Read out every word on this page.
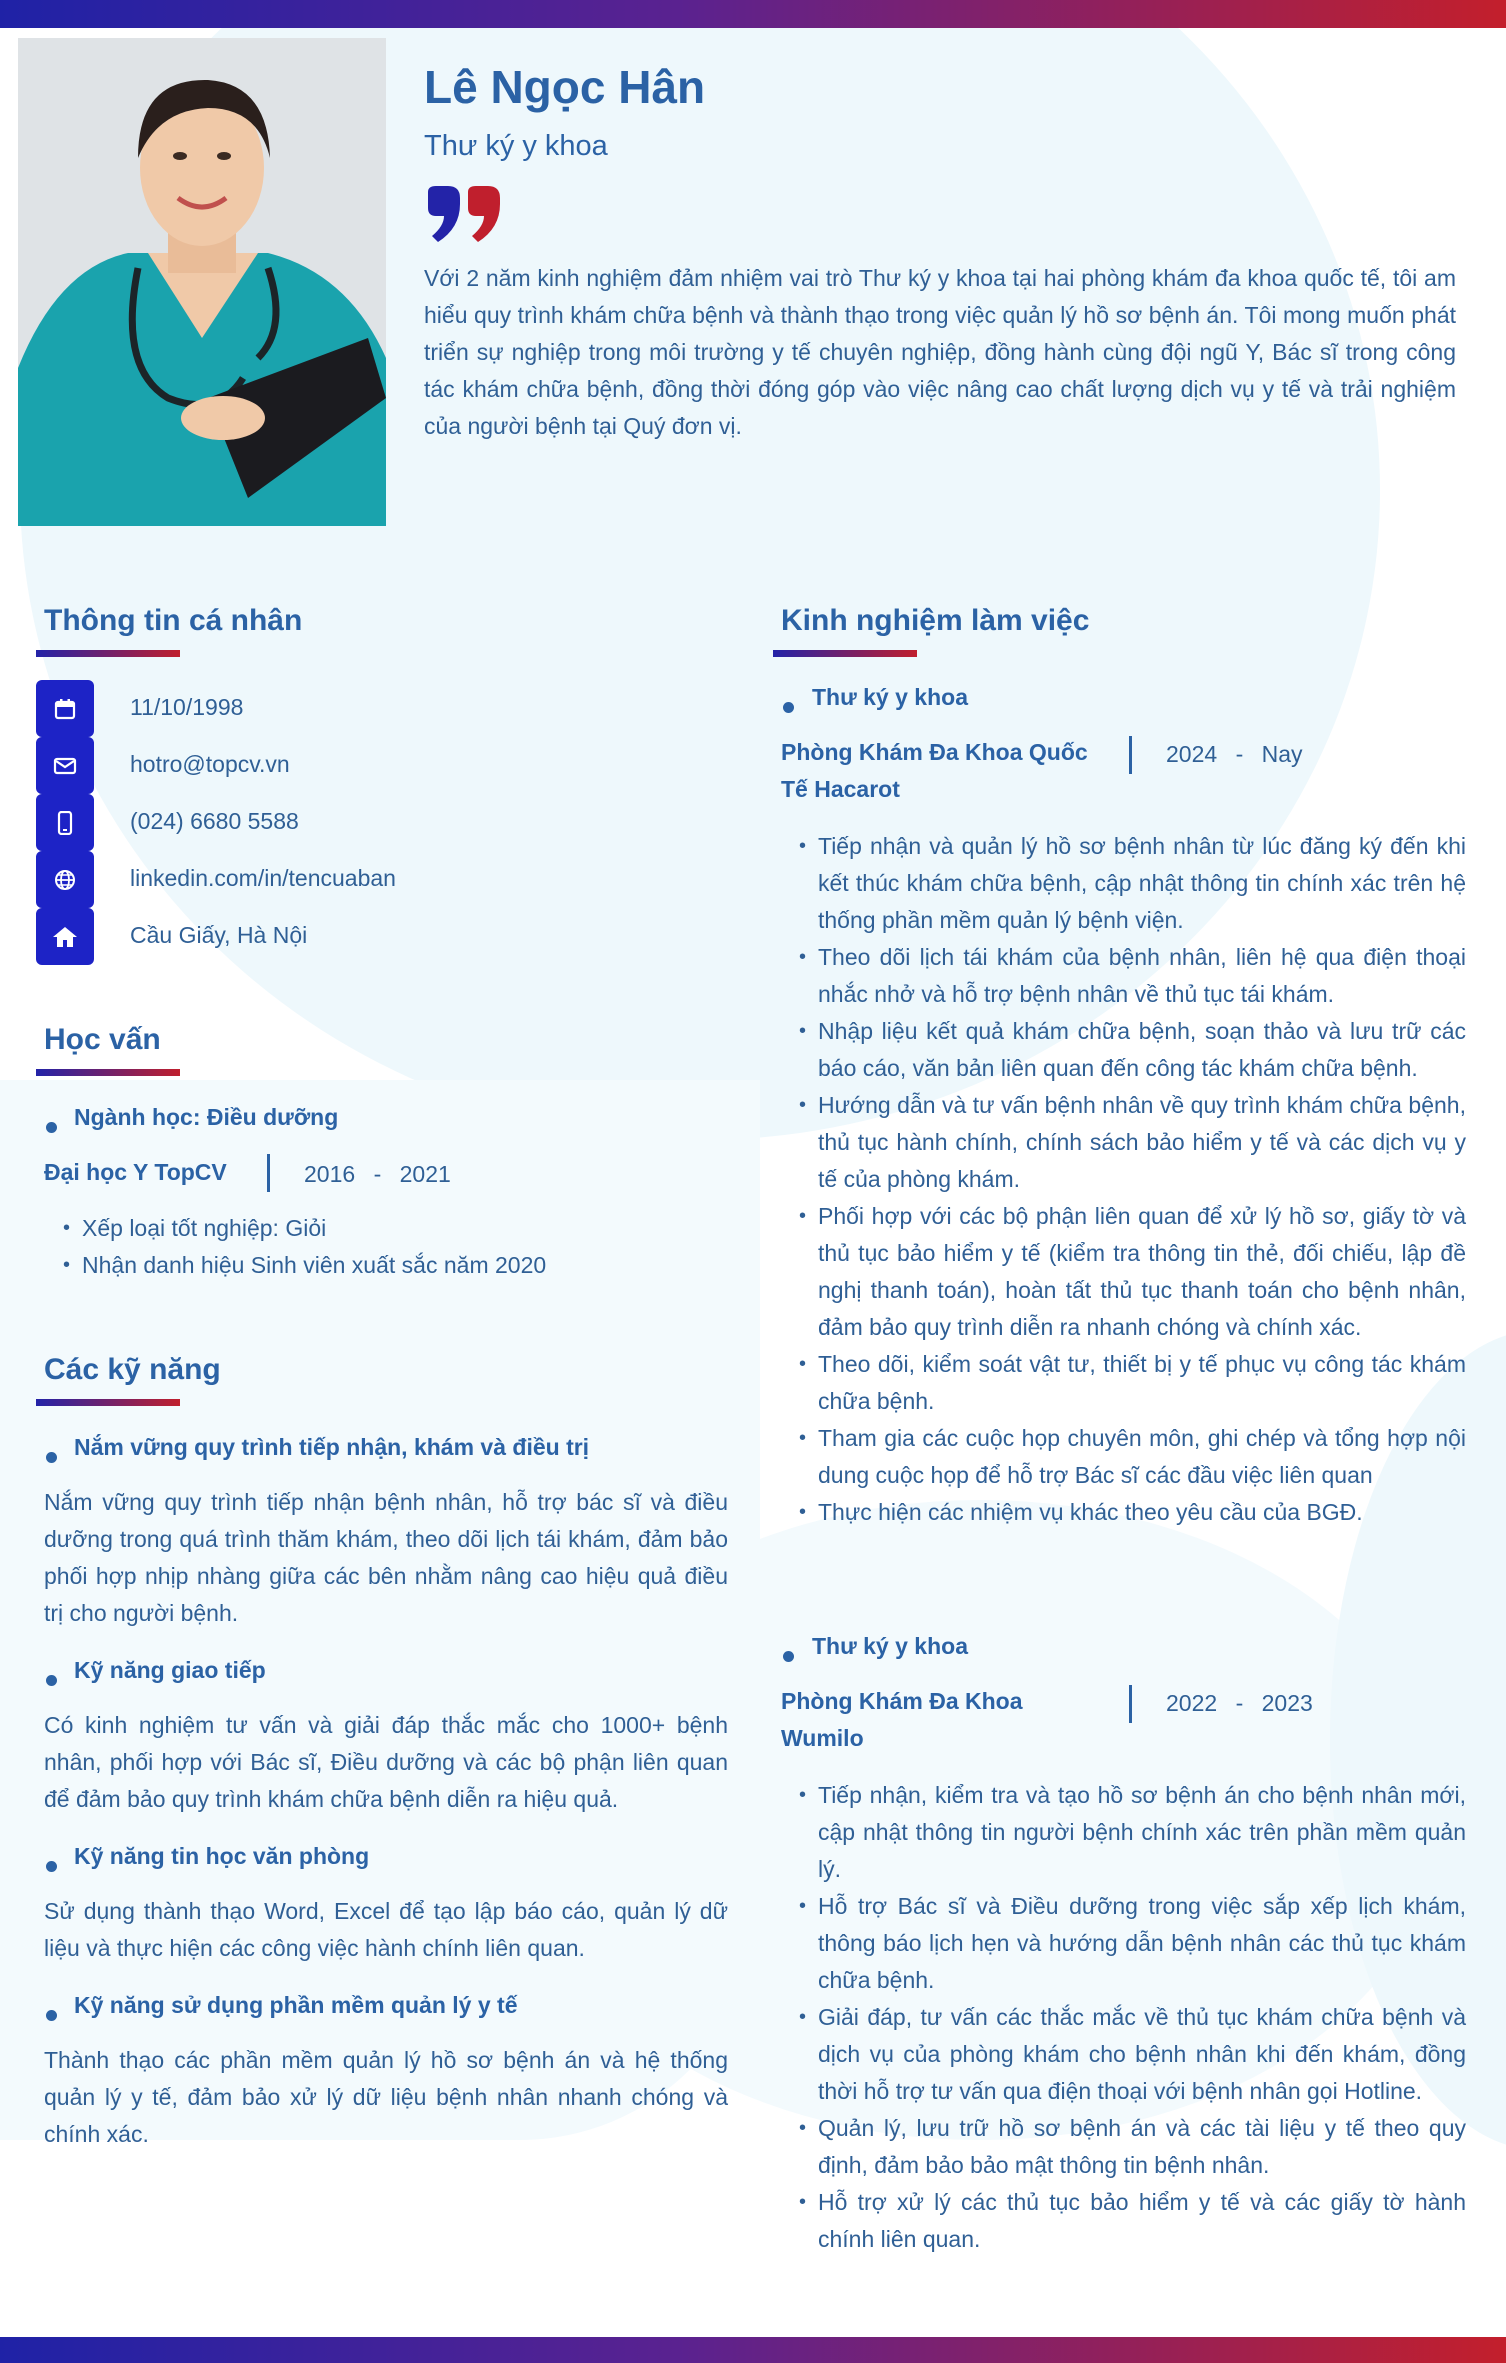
Lê Ngọc Hân
Thư ký y khoa
Với 2 năm kinh nghiệm đảm nhiệm vai trò Thư ký y khoa tại hai phòng khám đa khoa quốc tế, tôi am hiểu quy trình khám chữa bệnh và thành thạo trong việc quản lý hồ sơ bệnh án. Tôi mong muốn phát triển sự nghiệp trong môi trường y tế chuyên nghiệp, đồng hành cùng đội ngũ Y, Bác sĩ trong công tác khám chữa bệnh, đồng thời đóng góp vào việc nâng cao chất lượng dịch vụ y tế và trải nghiệm của người bệnh tại Quý đơn vị.
Thông tin cá nhân
11/10/1998
hotro@topcv.vn
(024) 6680 5588
linkedin.com/in/tencuaban
Cầu Giấy, Hà Nội
Học vấn
Ngành học: Điều dưỡng
Đại học Y TopCV	2016 - 2021
• Xếp loại tốt nghiệp: Giỏi
• Nhận danh hiệu Sinh viên xuất sắc năm 2020
Các kỹ năng
Nắm vững quy trình tiếp nhận, khám và điều trị
Nắm vững quy trình tiếp nhận bệnh nhân, hỗ trợ bác sĩ và điều dưỡng trong quá trình thăm khám, theo dõi lịch tái khám, đảm bảo phối hợp nhịp nhàng giữa các bên nhằm nâng cao hiệu quả điều trị cho người bệnh.
Kỹ năng giao tiếp
Có kinh nghiệm tư vấn và giải đáp thắc mắc cho 1000+ bệnh nhân, phối hợp với Bác sĩ, Điều dưỡng và các bộ phận liên quan để đảm bảo quy trình khám chữa bệnh diễn ra hiệu quả.
Kỹ năng tin học văn phòng
Sử dụng thành thạo Word, Excel để tạo lập báo cáo, quản lý dữ liệu và thực hiện các công việc hành chính liên quan.
Kỹ năng sử dụng phần mềm quản lý y tế
Thành thạo các phần mềm quản lý hồ sơ bệnh án và hệ thống quản lý y tế, đảm bảo xử lý dữ liệu bệnh nhân nhanh chóng và chính xác.
Kinh nghiệm làm việc
Thư ký y khoa
Phòng Khám Đa Khoa Quốc Tế Hacarot
2024 - Nay
• Tiếp nhận và quản lý hồ sơ bệnh nhân từ lúc đăng ký đến khi kết thúc khám chữa bệnh, cập nhật thông tin chính xác trên hệ thống phần mềm quản lý bệnh viện.
• Theo dõi lịch tái khám của bệnh nhân, liên hệ qua điện thoại nhắc nhở và hỗ trợ bệnh nhân về thủ tục tái khám.
• Nhập liệu kết quả khám chữa bệnh, soạn thảo và lưu trữ các báo cáo, văn bản liên quan đến công tác khám chữa bệnh.
• Hướng dẫn và tư vấn bệnh nhân về quy trình khám chữa bệnh, thủ tục hành chính, chính sách bảo hiểm y tế và các dịch vụ y tế của phòng khám.
• Phối hợp với các bộ phận liên quan để xử lý hồ sơ, giấy tờ và thủ tục bảo hiểm y tế (kiểm tra thông tin thẻ, đối chiếu, lập đề nghị thanh toán), hoàn tất thủ tục thanh toán cho bệnh nhân, đảm bảo quy trình diễn ra nhanh chóng và chính xác.
• Theo dõi, kiểm soát vật tư, thiết bị y tế phục vụ công tác khám chữa bệnh.
• Tham gia các cuộc họp chuyên môn, ghi chép và tổng hợp nội dung cuộc họp để hỗ trợ Bác sĩ các đầu việc liên quan
• Thực hiện các nhiệm vụ khác theo yêu cầu của BGĐ.
Thư ký y khoa
Phòng Khám Đa Khoa Wumilo
2022 - 2023
• Tiếp nhận, kiểm tra và tạo hồ sơ bệnh án cho bệnh nhân mới, cập nhật thông tin người bệnh chính xác trên phần mềm quản lý.
• Hỗ trợ Bác sĩ và Điều dưỡng trong việc sắp xếp lịch khám, thông báo lịch hẹn và hướng dẫn bệnh nhân các thủ tục khám chữa bệnh.
• Giải đáp, tư vấn các thắc mắc về thủ tục khám chữa bệnh và dịch vụ của phòng khám cho bệnh nhân khi đến khám, đồng thời hỗ trợ tư vấn qua điện thoại với bệnh nhân gọi Hotline.
• Quản lý, lưu trữ hồ sơ bệnh án và các tài liệu y tế theo quy định, đảm bảo bảo mật thông tin bệnh nhân.
• Hỗ trợ xử lý các thủ tục bảo hiểm y tế và các giấy tờ hành chính liên quan.
